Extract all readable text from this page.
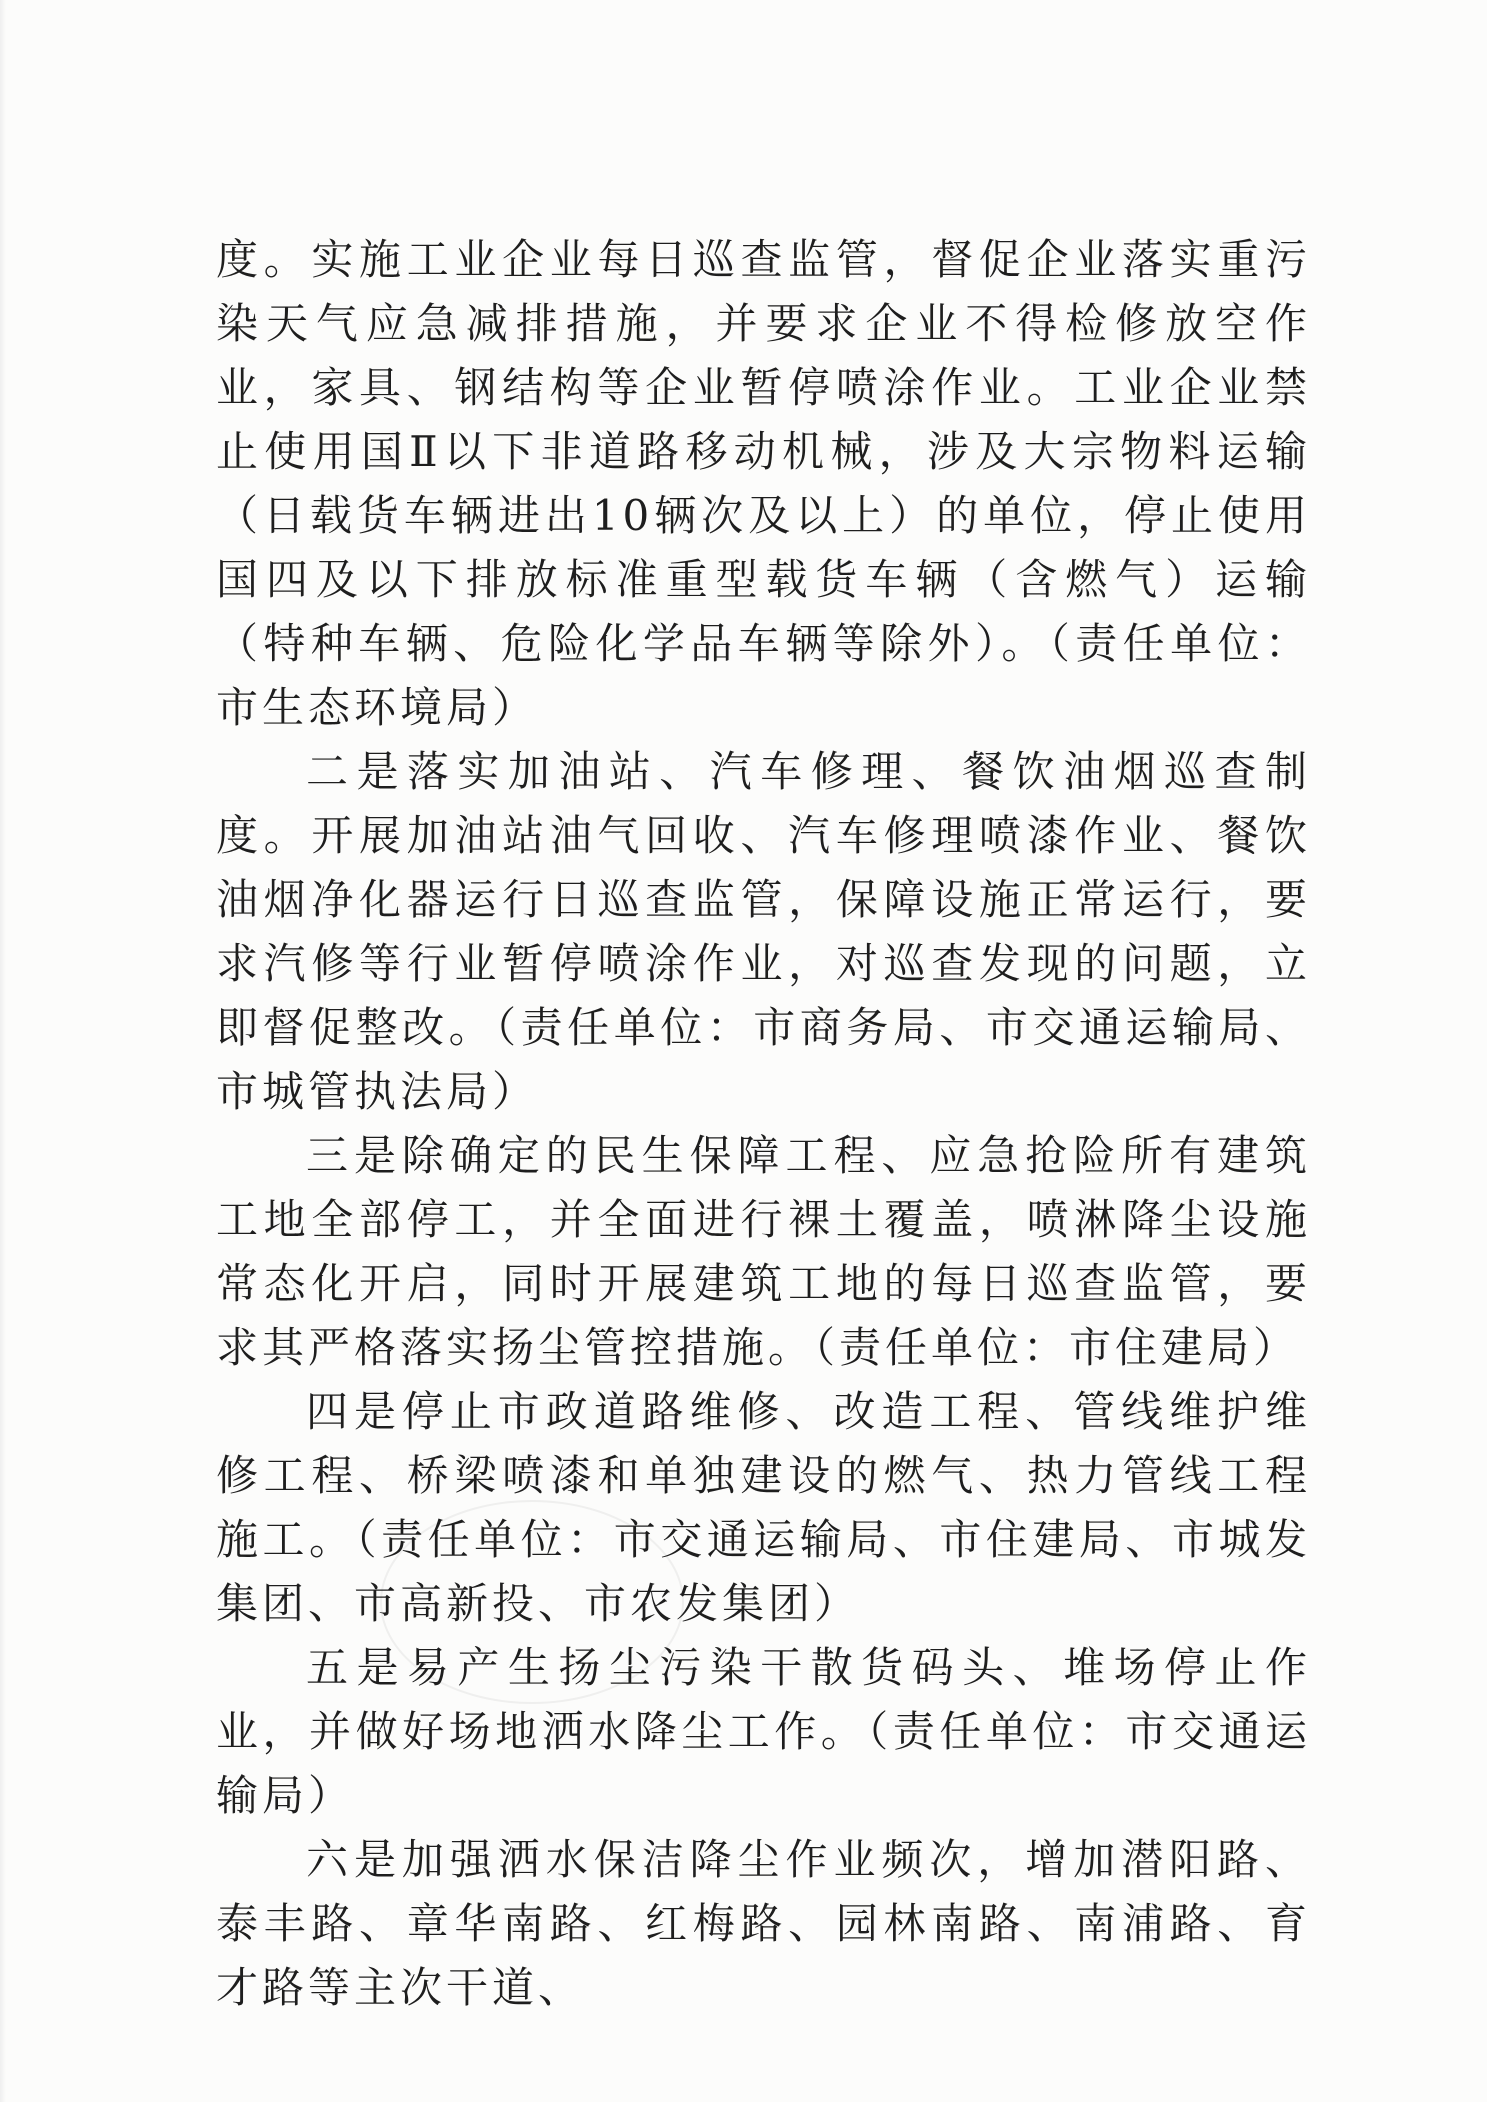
度。实施工业企业每日巡查监管，督促企业落实重污染天气应急减排措施，并要求企业不得检修放空作业，家具、钢结构等企业暂停喷涂作业。工业企业禁止使用国Ⅱ以下非道路移动机械，涉及大宗物料运输（日载货车辆进出10辆次及以上）的单位，停止使用国四及以下排放标准重型载货车辆（含燃气）运输（特种车辆、危险化学品车辆等除外）。（责任单位：市生态环境局）

二是落实加油站、汽车修理、餐饮油烟巡查制度。开展加油站油气回收、汽车修理喷漆作业、餐饮油烟净化器运行日巡查监管，保障设施正常运行，要求汽修等行业暂停喷涂作业，对巡查发现的问题，立即督促整改。（责任单位：市商务局、市交通运输局、市城管执法局）

三是除确定的民生保障工程、应急抢险所有建筑工地全部停工，并全面进行裸土覆盖，喷淋降尘设施常态化开启，同时开展建筑工地的每日巡查监管，要求其严格落实扬尘管控措施。（责任单位：市住建局）

四是停止市政道路维修、改造工程、管线维护维修工程、桥梁喷漆和单独建设的燃气、热力管线工程施工。（责任单位：市交通运输局、市住建局、市城发集团、市高新投、市农发集团）

五是易产生扬尘污染干散货码头、堆场停止作业，并做好场地洒水降尘工作。（责任单位：市交通运输局）

六是加强洒水保洁降尘作业频次，增加潜阳路、泰丰路、章华南路、红梅路、园林南路、南浦路、育才路等主次干道、
